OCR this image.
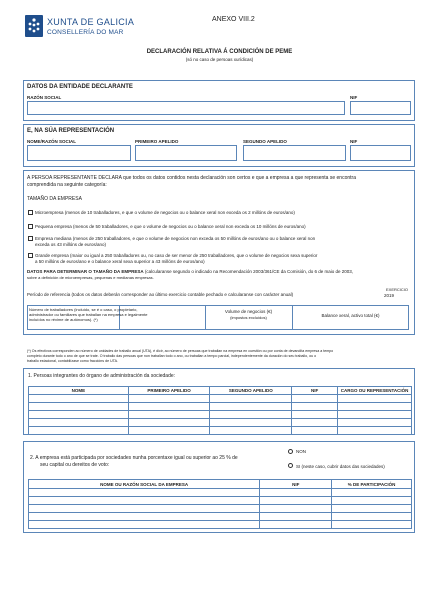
XUNTA DE GALICIA
CONSELLERÍA DO MAR
ANEXO VIII.2
DECLARACIÓN RELATIVA Á CONDICIÓN DE PEME
(só no caso de persoas xurídicas)
DATOS DA ENTIDADE DECLARANTE
RAZÓN SOCIAL	NIF
E, NA SÚA REPRESENTACIÓN
NOME/RAZÓN SOCIAL	PRIMEIRO APELIDO	SEGUNDO APELIDO	NIF
A PERSOA REPRESENTANTE DECLARA que todos os datos contidos nesta declaración son certos e que a empresa a que representa se encontra
comprendida na seguinte categoría:
TAMAÑO DA EMPRESA
Microempresa (menos de 10 traballadores, e que o volume de negocios ou o balance xeral non exceda os 2 millóns de euros/ano)
Pequena empresa (menos de 50 traballadores, e que o volume de negocios ou o balance xeral non exceda os 10 millóns de euros/ano)
Empresa mediana (menos de 250 traballadores, e que o volume de negocios non exceda os 50 millóns de euros/ano ou o balance xeral non
exceda os 43 millóns de euros/ano)
Grande empresa (maior ou igual a 250 traballadores ou, no caso de ser menor de 250 traballadores, que o volume de negocios sexa superior
a 50 millóns de euros/ano e o balance xeral sexa superior a 43 millóns de euros/ano)
DATOS PARA DETERMINAR O TAMAÑO DA EMPRESA (calcularanse segundo o indicado na Recomendación 2003/361/CE da Comisión, do 6 de maio de 2003,
sobre a definición de microempresas, pequenas e medianas empresas.
EXERCICIO
2019
Período de referencia (todos os datos deberán corresponder ao último exercicio contable pechado e calcularanse con carácter anual)
Número de traballadores (incluído, se é o caso, o propietario,
administrador ou familiares que traballan na empresa e legalmente
incluídos no réxime de autónomos). (*)
Volume de negocios (€)
(impostos excluídos)	Balance xeral, activo total (€)
(*) Os efectivos corresponden ao número de unidades de traballo anual (UTA), é dicir, ao número de persoas que traballan na empresa en cuestión ou por conta de devandita empresa a tempo
completo durante todo o ano de que se trate. O traballo das persoas que non traballan todo o ano, ou traballan a tempo parcial, independentemente da duración do seu traballo, ou o
traballo estacional, contabilízase como fraccións de UTA.
1. Persoas integrantes do órgano de administración da sociedade:
NOME	PRIMEIRO APELIDO	SEGUNDO APELIDO	NIF	CARGO OU REPRESENTACIÓN

2. A empresa está participada por sociedades nunha porcentaxe igual ou superior ao 25 % de
seu capital ou dereitos de voto:
NON
SI (neste caso, cubrir datos das sociedades)
NOME OU RAZÓN SOCIAL DA EMPRESA	NIF	% DE PARTICIPACIÓN
